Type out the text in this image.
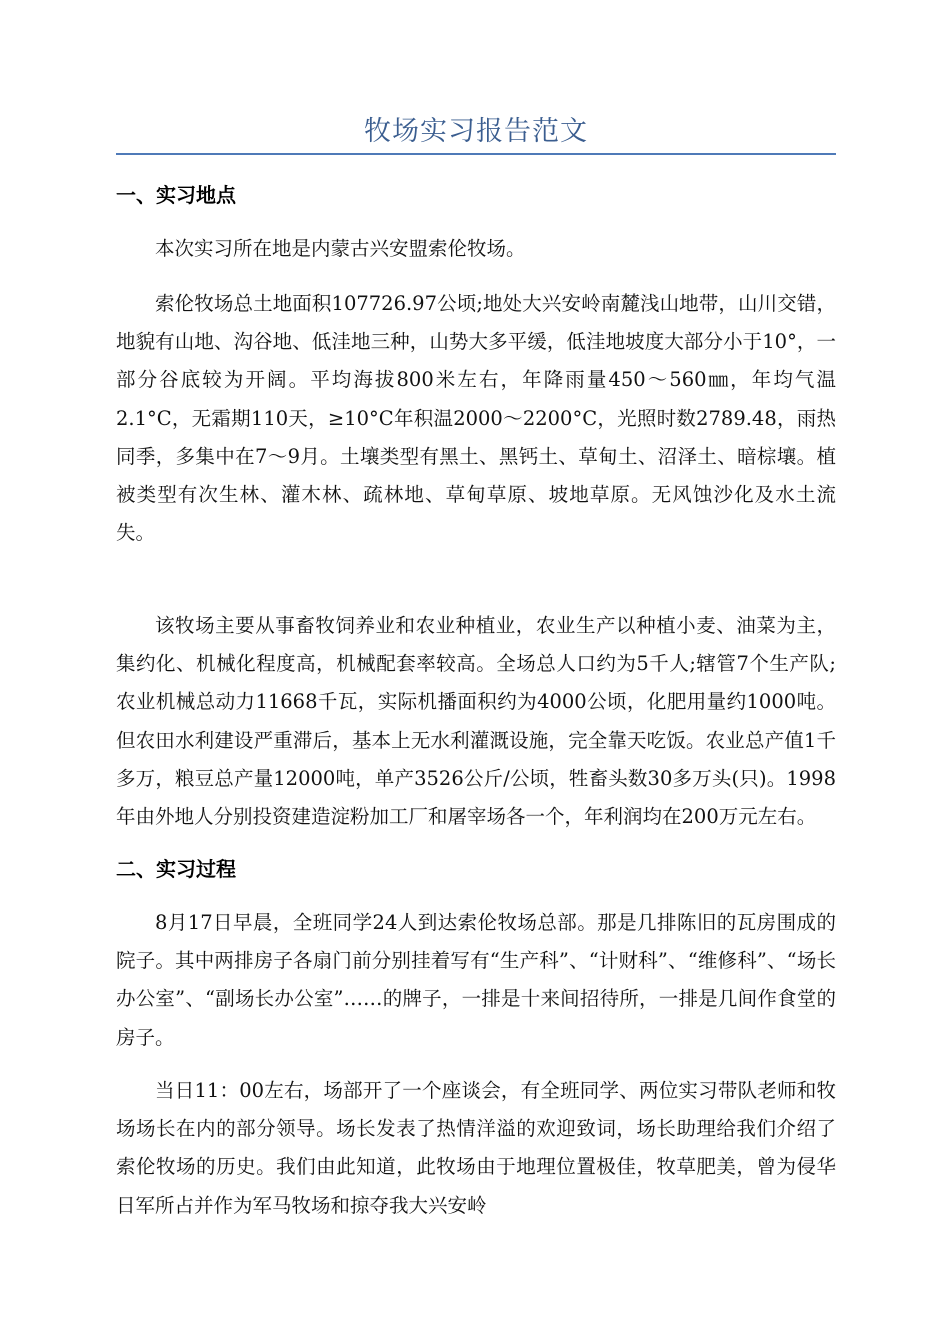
牧场实习报告范文
一、实习地点

本次实习所在地是内蒙古兴安盟索伦牧场。

索伦牧场总土地面积107726.97公顷;地处大兴安岭南麓浅山地带，山川交错，地貌有山地、沟谷地、低洼地三种，山势大多平缓，低洼地坡度大部分小于10°，一部分谷底较为开阔。平均海拔800米左右，年降雨量450～560㎜，年均气温2.1°C，无霜期110天，≥10°C年积温2000～2200°C，光照时数2789.48，雨热同季，多集中在7～9月。土壤类型有黑土、黑钙土、草甸土、沼泽土、暗棕壤。植被类型有次生林、灌木林、疏林地、草甸草原、坡地草原。无风蚀沙化及水土流失。

该牧场主要从事畜牧饲养业和农业种植业，农业生产以种植小麦、油菜为主，集约化、机械化程度高，机械配套率较高。全场总人口约为5千人;辖管7个生产队;农业机械总动力11668千瓦，实际机播面积约为4000公顷，化肥用量约1000吨。但农田水利建设严重滞后，基本上无水利灌溉设施，完全靠天吃饭。农业总产值1千多万，粮豆总产量12000吨，单产3526公斤/公顷，牲畜头数30多万头(只)。1998年由外地人分别投资建造淀粉加工厂和屠宰场各一个，年利润均在200万元左右。

二、实习过程

8月17日早晨，全班同学24人到达索伦牧场总部。那是几排陈旧的瓦房围成的院子。其中两排房子各扇门前分别挂着写有“生产科”、“计财科”、“维修科”、“场长办公室”、“副场长办公室”……的牌子，一排是十来间招待所，一排是几间作食堂的房子。

当日11：00左右，场部开了一个座谈会，有全班同学、两位实习带队老师和牧场场长在内的部分领导。场长发表了热情洋溢的欢迎致词，场长助理给我们介绍了索伦牧场的历史。我们由此知道，此牧场由于地理位置极佳，牧草肥美，曾为侵华日军所占并作为军马牧场和掠夺我大兴安岭
